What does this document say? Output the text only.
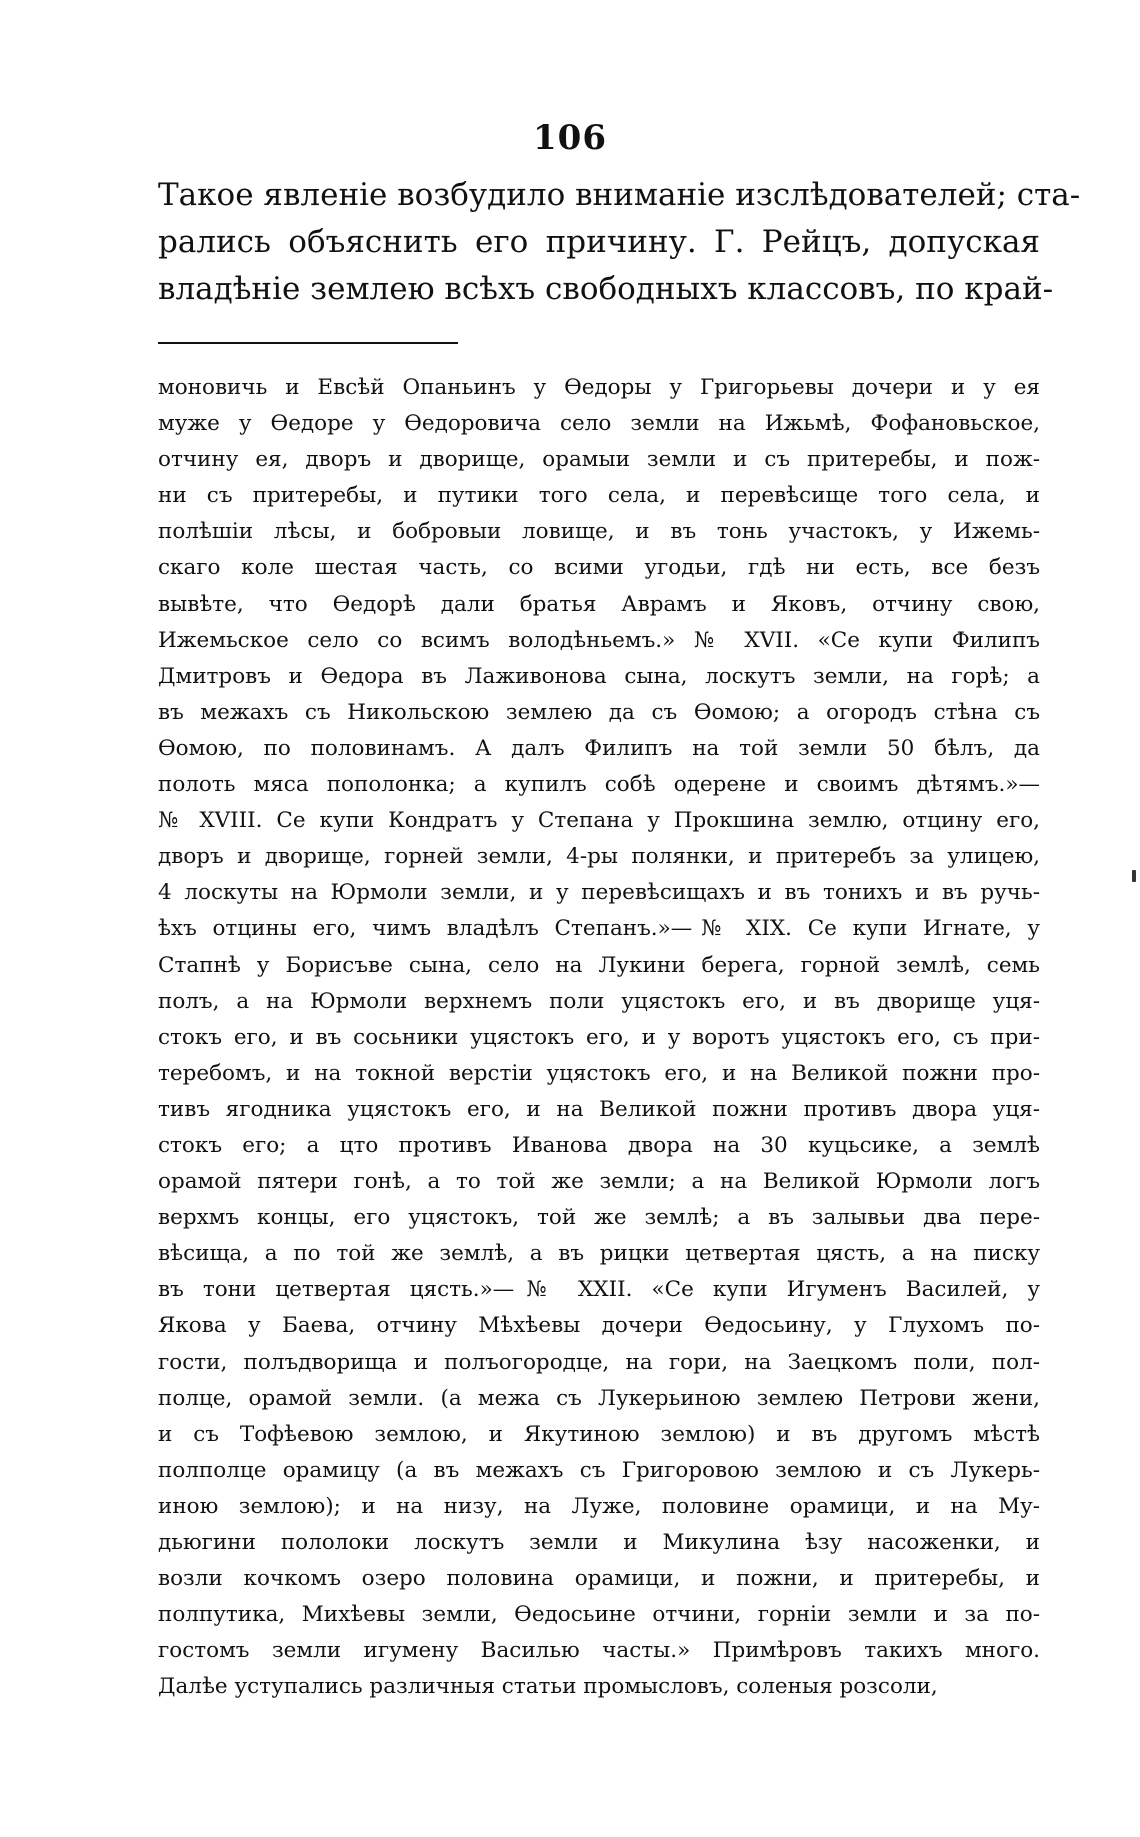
106
Такое явленіе возбудило вниманіе изслѣдователей; ста-
рались объяснить его причину. Г. Рейцъ, допуская
владѣніе землею всѣхъ свободныхъ классовъ, по край-
моновичь и Евсѣй Опаньинъ у Ѳедоры у Григорьевы дочери и у ея
мужe у Ѳедоре у Ѳедоровича село земли на Ижьмѣ, Фофановьское,
отчину ея, дворъ и дворище, орамыи земли и съ притеребы, и пож-
ни съ притеребы, и путики того села, и перевѣсище того села, и
полѣшіи лѣсы, и бобровыи ловище, и въ тонь участокъ, у Ижемь-
скаго коле шестая часть, со всими угодьи, гдѣ ни есть, все безъ
вывѣте, что Ѳедорѣ дали братья Аврамъ и Яковъ, отчину свою,
Ижемьское село со всимъ володѣньемъ.» № XVII. «Се купи Филипъ
Дмитровъ и Ѳедора въ Лаживонова сына, лоскутъ земли, на горѣ; а
въ межахъ съ Никольскою землею да съ Ѳомою; а огородъ стѣна съ
Ѳомою, по половинамъ. А далъ Филипъ на той земли 50 бѣлъ, да
полоть мяса пополонка; а купилъ собѣ одерене и своимъ дѣтямъ.»—
№ XVIII. Се купи Кондратъ у Степана у Прокшина землю, отцину его,
дворъ и дворище, горней земли, 4-ры полянки, и притеребъ за улицею,
4 лоскуты на Юрмоли земли, и у перевѣсищахъ и въ тонихъ и въ ручь-
ѣхъ отцины его, чимъ владѣлъ Степанъ.»—№ XIX. Се купи Игнате, у
Стапнѣ у Борисъве сына, село на Лукини берега, горной землѣ, семь
полъ, а на Юрмоли верхнемъ поли уцястокъ его, и въ дворище уця-
стокъ его, и въ сосьники уцястокъ его, и у воротъ уцястокъ его, съ при-
теребомъ, и на токной верстіи уцястокъ его, и на Великой пожни про-
тивъ ягодника уцястокъ его, и на Великой пожни противъ двора уця-
стокъ его; а цто противъ Иванова двора на 30 куцьсике, а землѣ
орамой пятери гонѣ, а то той же земли; а на Великой Юрмоли логъ
верхмъ концы, его уцястокъ, той же землѣ; а въ залывьи два пере-
вѣсища, а по той же землѣ, а въ рицки цетвертая цясть, а на писку
въ тони цетвертая цясть.»—№ XXII. «Се купи Игуменъ Василей, у
Якова у Баева, отчину Мѣхѣевы дочери Ѳедосьину, у Глухомъ по-
гости, полъдворища и полъогородце, на гори, на Заецкомъ поли, пол-
полце, орамой земли. (а межа съ Лукерьиною землею Петрови жени,
и съ Тофѣевою землою, и Якутиною землою) и въ другомъ мѣстѣ
полполце орамицу (а въ межахъ съ Григоровою землою и съ Лукерь-
иною землою); и на низу, на Луже, половине орамици, и на Му-
дьюгини пололоки лоскутъ земли и Микулина ѣзу насоженки, и
возли кочкомъ озеро половина орамици, и пожни, и притеребы, и
полпутика, Михѣевы земли, Ѳедосьине отчини, горніи земли и за по-
гостомъ земли игумену Василью часты.» Примѣровъ такихъ много.
Далѣе уступались различныя статьи промысловъ, соленыя розсоли,
